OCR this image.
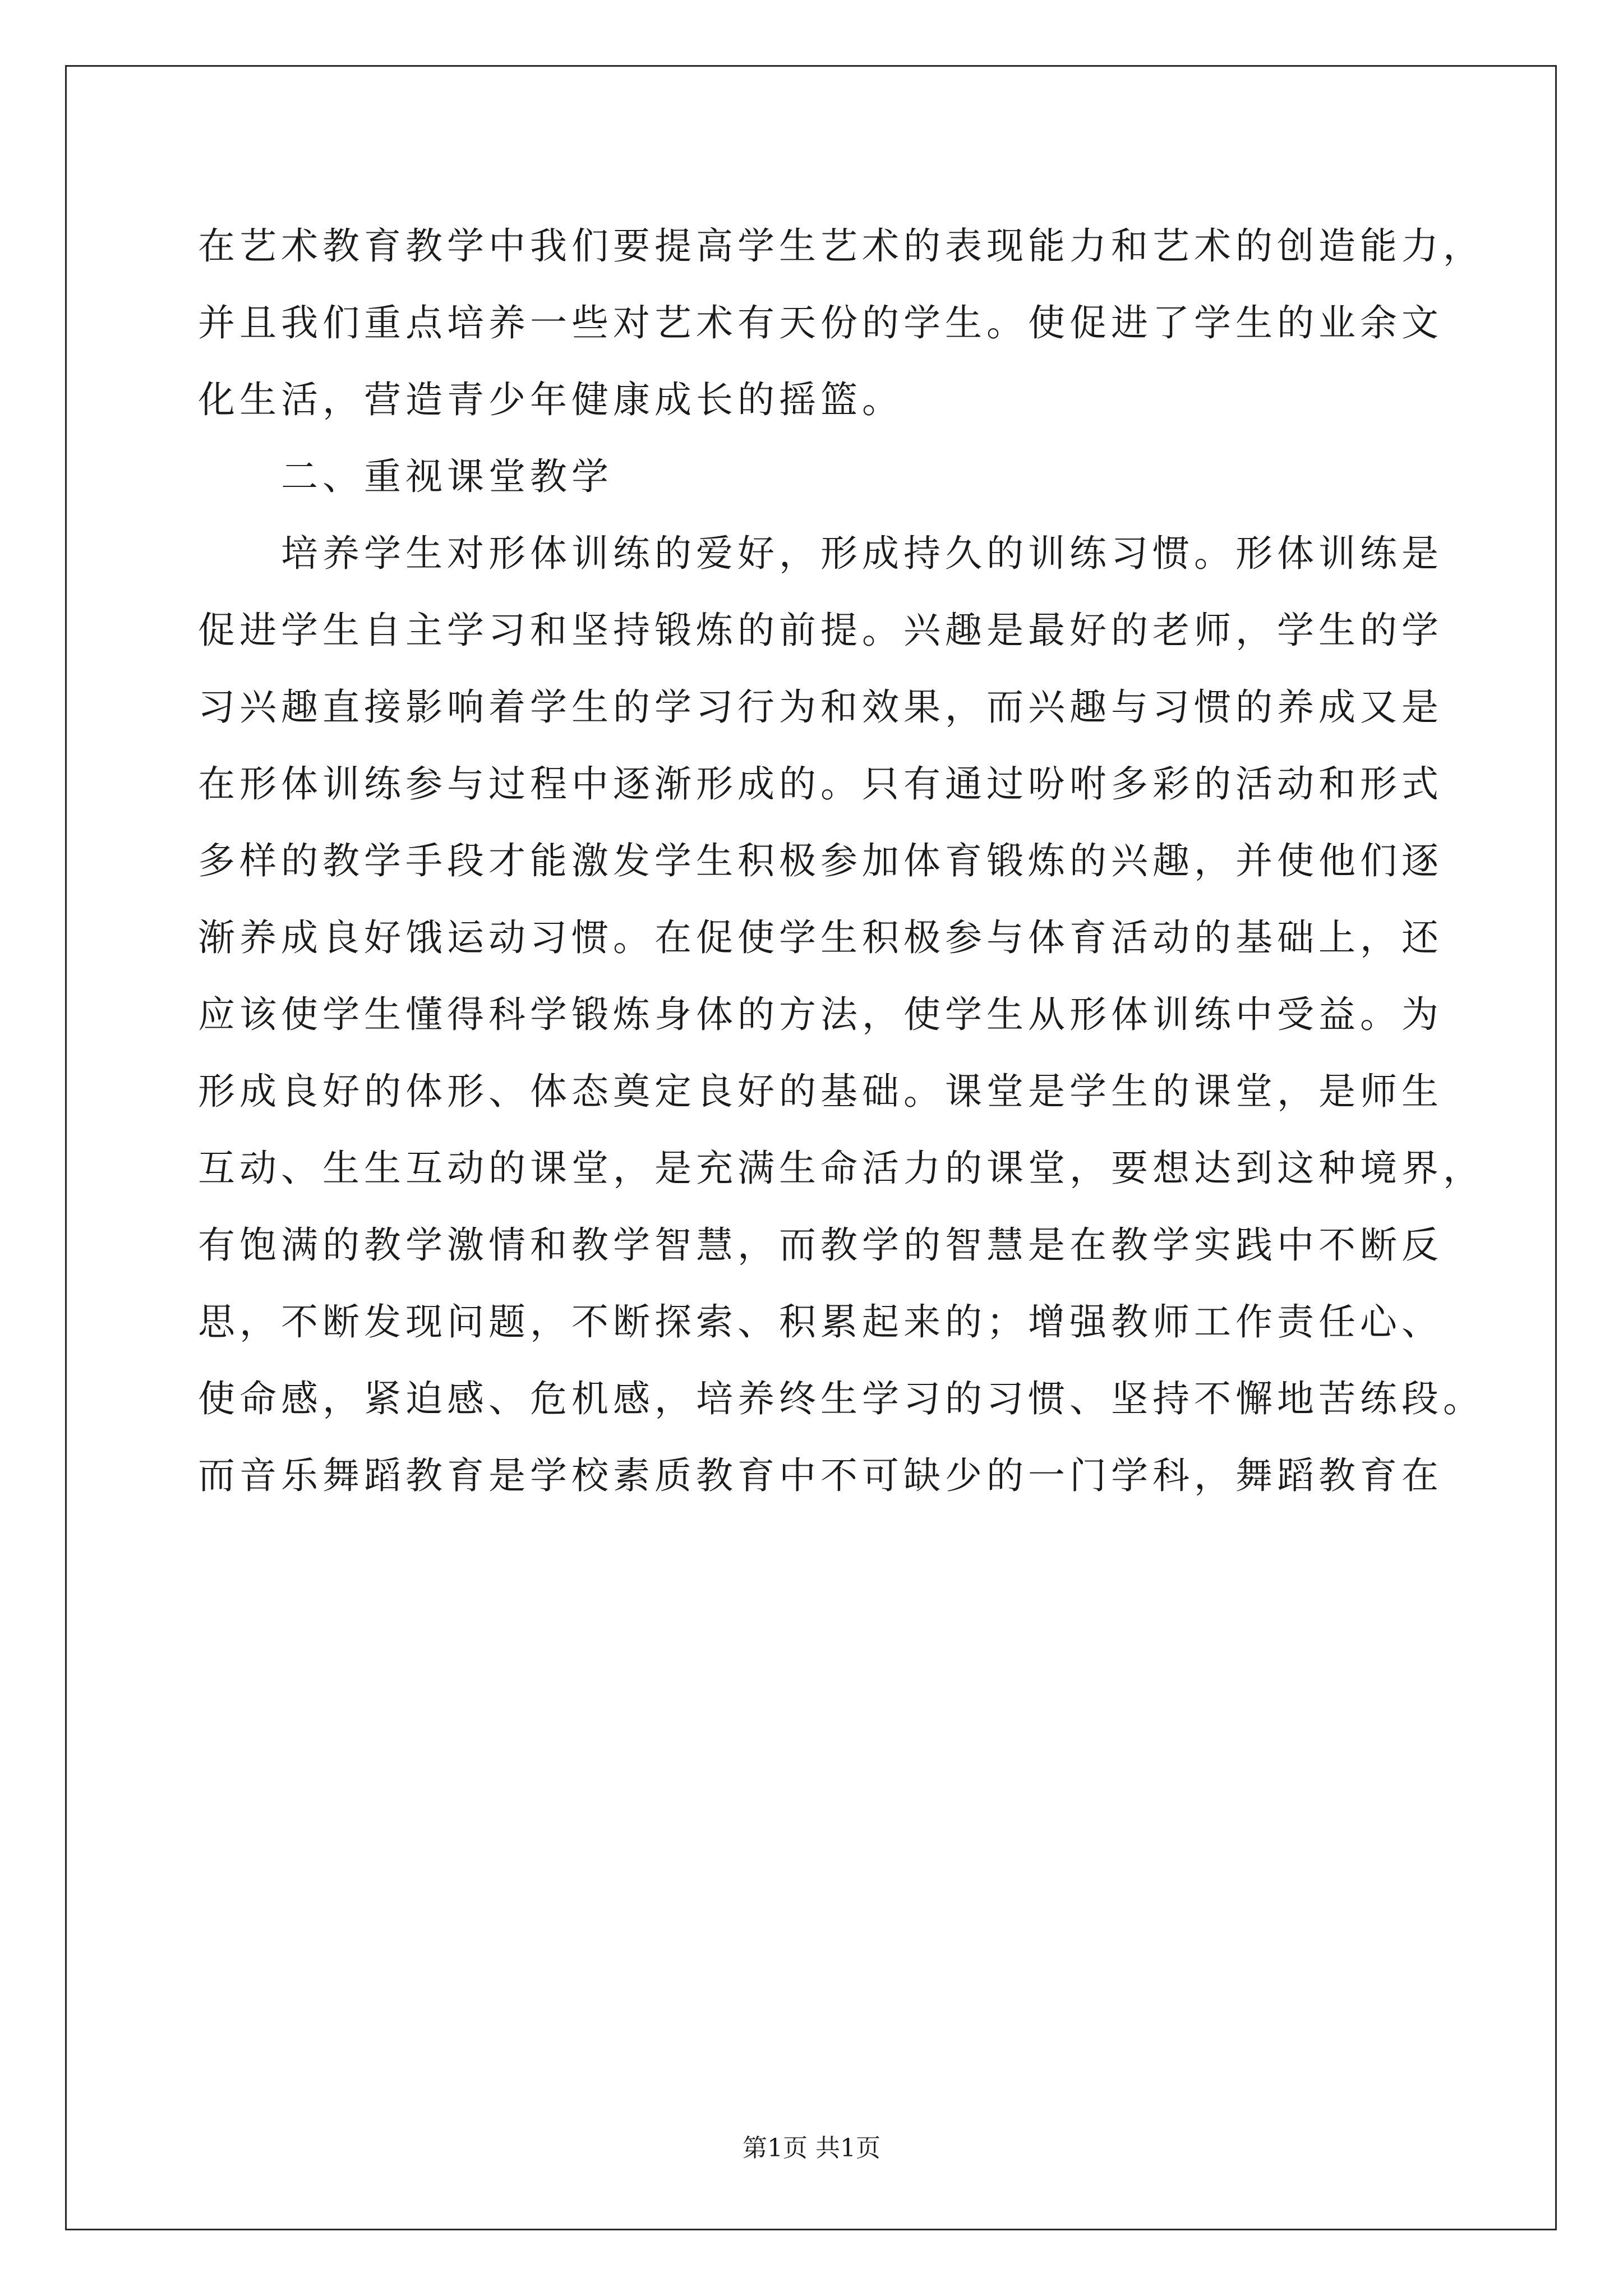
在艺术教育教学中我们要提高学生艺术的表现能力和艺术的创造能力，
并且我们重点培养一些对艺术有天份的学生。使促进了学生的业余文
化生活，营造青少年健康成长的摇篮。
二、重视课堂教学
培养学生对形体训练的爱好，形成持久的训练习惯。形体训练是
促进学生自主学习和坚持锻炼的前提。兴趣是最好的老师，学生的学
习兴趣直接影响着学生的学习行为和效果，而兴趣与习惯的养成又是
在形体训练参与过程中逐渐形成的。只有通过吩咐多彩的活动和形式
多样的教学手段才能激发学生积极参加体育锻炼的兴趣，并使他们逐
渐养成良好饿运动习惯。在促使学生积极参与体育活动的基础上，还
应该使学生懂得科学锻炼身体的方法，使学生从形体训练中受益。为
形成良好的体形、体态奠定良好的基础。课堂是学生的课堂，是师生
互动、生生互动的课堂，是充满生命活力的课堂，要想达到这种境界，
有饱满的教学激情和教学智慧，而教学的智慧是在教学实践中不断反
思，不断发现问题，不断探索、积累起来的；增强教师工作责任心、
使命感，紧迫感、危机感，培养终生学习的习惯、坚持不懈地苦练段。
而音乐舞蹈教育是学校素质教育中不可缺少的一门学科，舞蹈教育在
第1页 共1页
